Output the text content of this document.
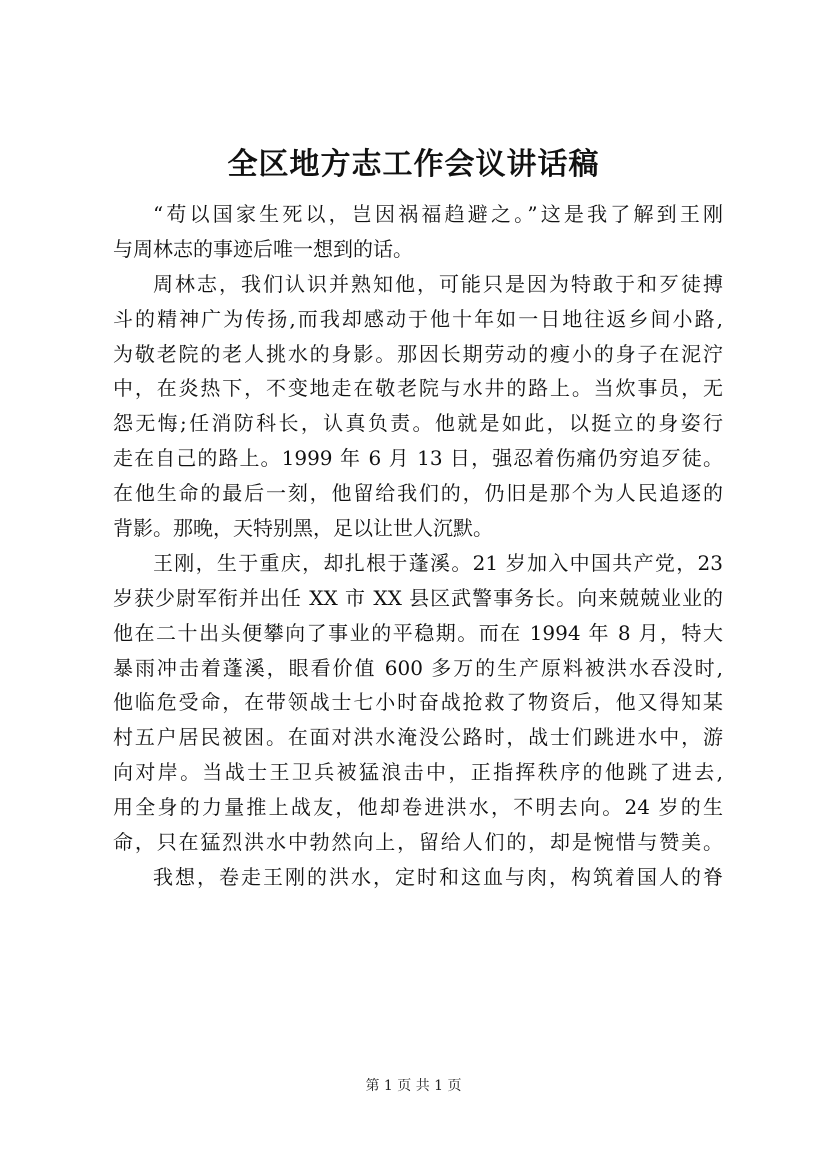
全区地方志工作会议讲话稿
“苟以国家生死以，岂因祸福趋避之。”这是我了解到王刚
与周林志的事迹后唯一想到的话。
周林志，我们认识并熟知他，可能只是因为特敢于和歹徒搏
斗的精神广为传扬,而我却感动于他十年如一日地往返乡间小路,
为敬老院的老人挑水的身影。那因长期劳动的瘦小的身子在泥泞
中，在炎热下，不变地走在敬老院与水井的路上。当炊事员，无
怨无悔;任消防科长，认真负责。他就是如此，以挺立的身姿行
走在自己的路上。1999 年 6 月 13 日，强忍着伤痛仍穷追歹徒。
在他生命的最后一刻，他留给我们的，仍旧是那个为人民追逐的
背影。那晚，天特别黑，足以让世人沉默。
王刚，生于重庆，却扎根于蓬溪。21 岁加入中国共产党，23
岁获少尉军衔并出任 XX 市 XX 县区武警事务长。向来兢兢业业的
他在二十出头便攀向了事业的平稳期。而在 1994 年 8 月，特大
暴雨冲击着蓬溪，眼看价值 600 多万的生产原料被洪水吞没时,
他临危受命，在带领战士七小时奋战抢救了物资后，他又得知某
村五户居民被困。在面对洪水淹没公路时，战士们跳进水中，游
向对岸。当战士王卫兵被猛浪击中，正指挥秩序的他跳了进去,
用全身的力量推上战友，他却卷进洪水，不明去向。24 岁的生
命，只在猛烈洪水中勃然向上，留给人们的，却是惋惜与赞美。
我想，卷走王刚的洪水，定时和这血与肉，构筑着国人的脊
第 1 页 共 1 页
